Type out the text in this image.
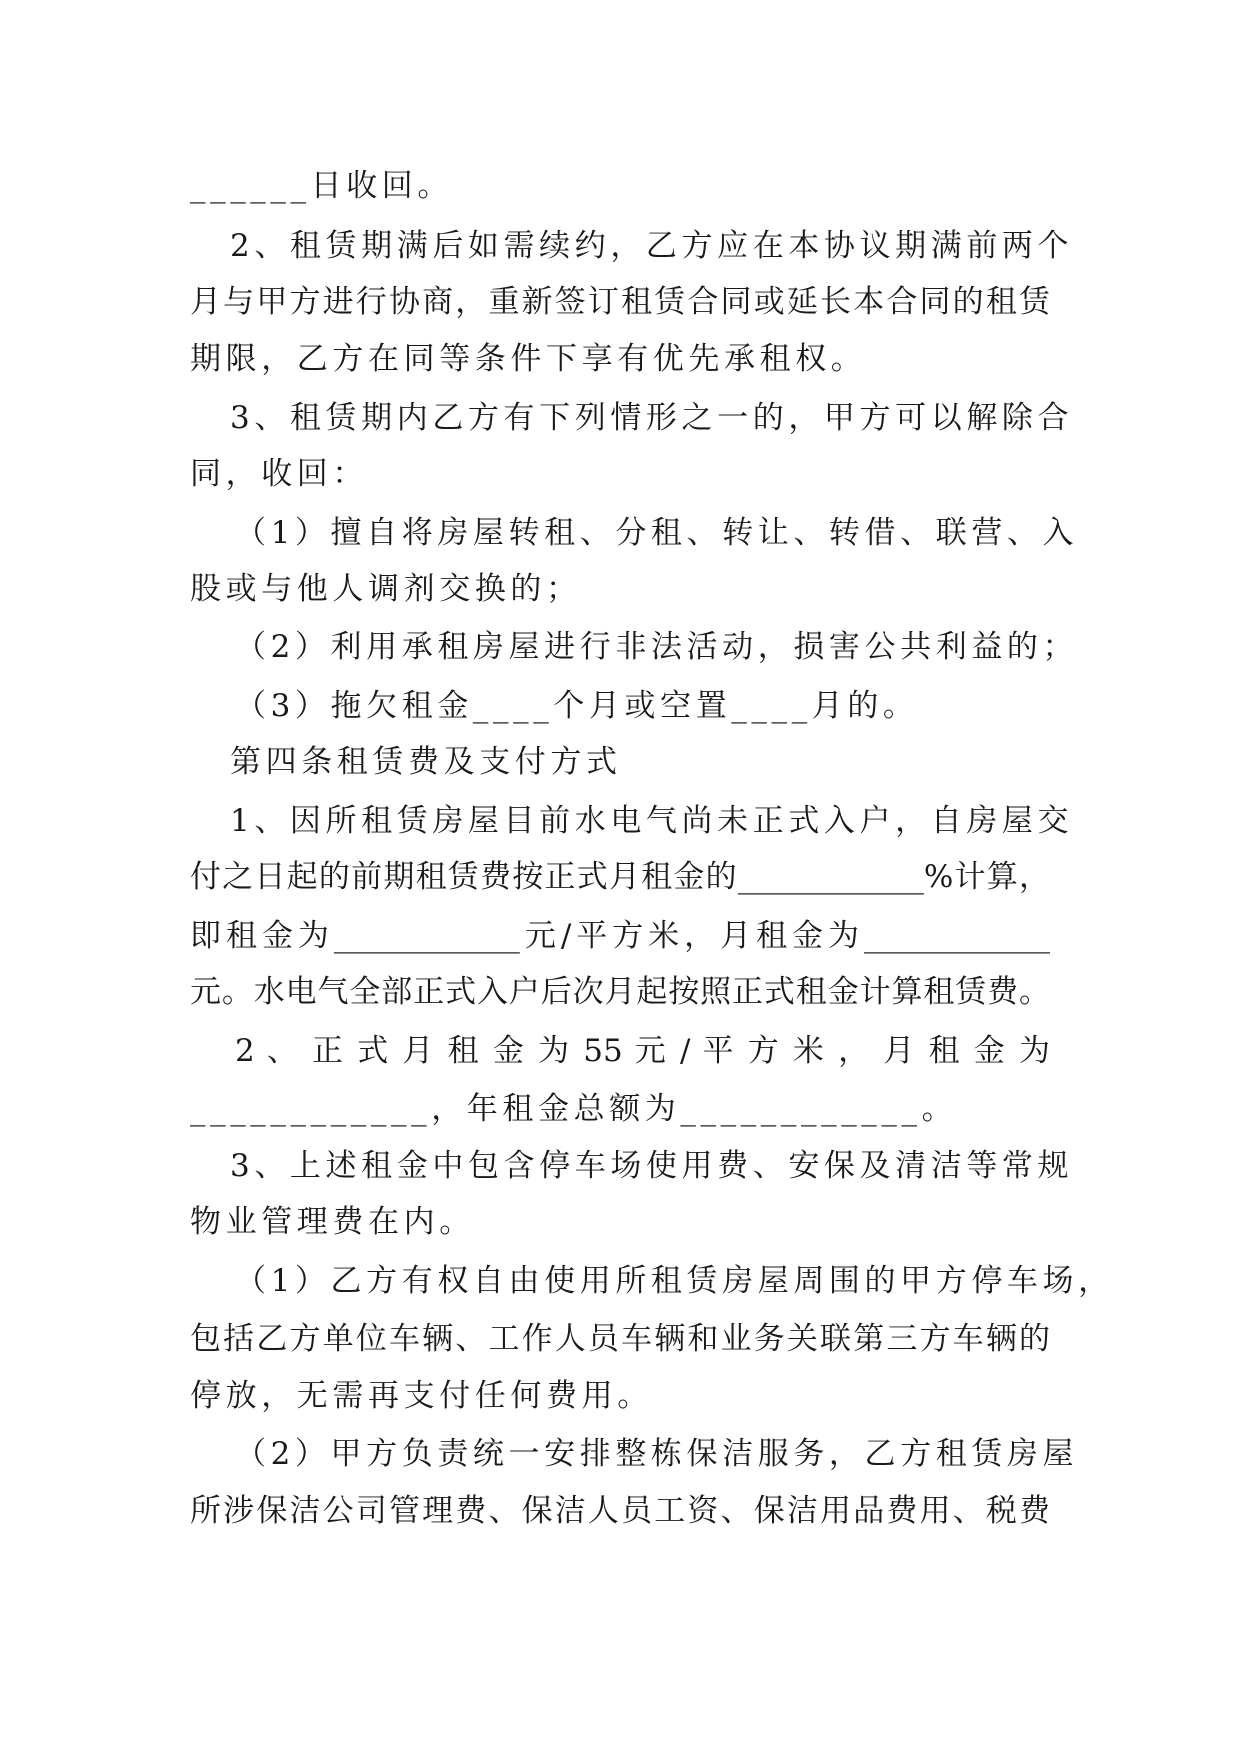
______日收回。
2、租赁期满后如需续约，乙方应在本协议期满前两个
月与甲方进行协商，重新签订租赁合同或延长本合同的租赁
期限，乙方在同等条件下享有优先承租权。
3、租赁期内乙方有下列情形之一的，甲方可以解除合
同，收回：
（1）擅自将房屋转租、分租、转让、转借、联营、入
股或与他人调剂交换的；
（2）利用承租房屋进行非法活动，损害公共利益的；
（3）拖欠租金____个月或空置____月的。
第四条租赁费及支付方式
1、因所租赁房屋目前水电气尚未正式入户，自房屋交
付之日起的前期租赁费按正式月租金的____________%计算，
即租金为____________元/平方米，月租金为____________
元。水电气全部正式入户后次月起按照正式租金计算租赁费。
2 、 正 式 月 租 金 为 55 元 / 平 方 米 ， 月 租 金 为
____________，年租金总额为____________。
3、上述租金中包含停车场使用费、安保及清洁等常规
物业管理费在内。
（1）乙方有权自由使用所租赁房屋周围的甲方停车场，
包括乙方单位车辆、工作人员车辆和业务关联第三方车辆的
停放，无需再支付任何费用。
（2）甲方负责统一安排整栋保洁服务，乙方租赁房屋
所涉保洁公司管理费、保洁人员工资、保洁用品费用、税费
